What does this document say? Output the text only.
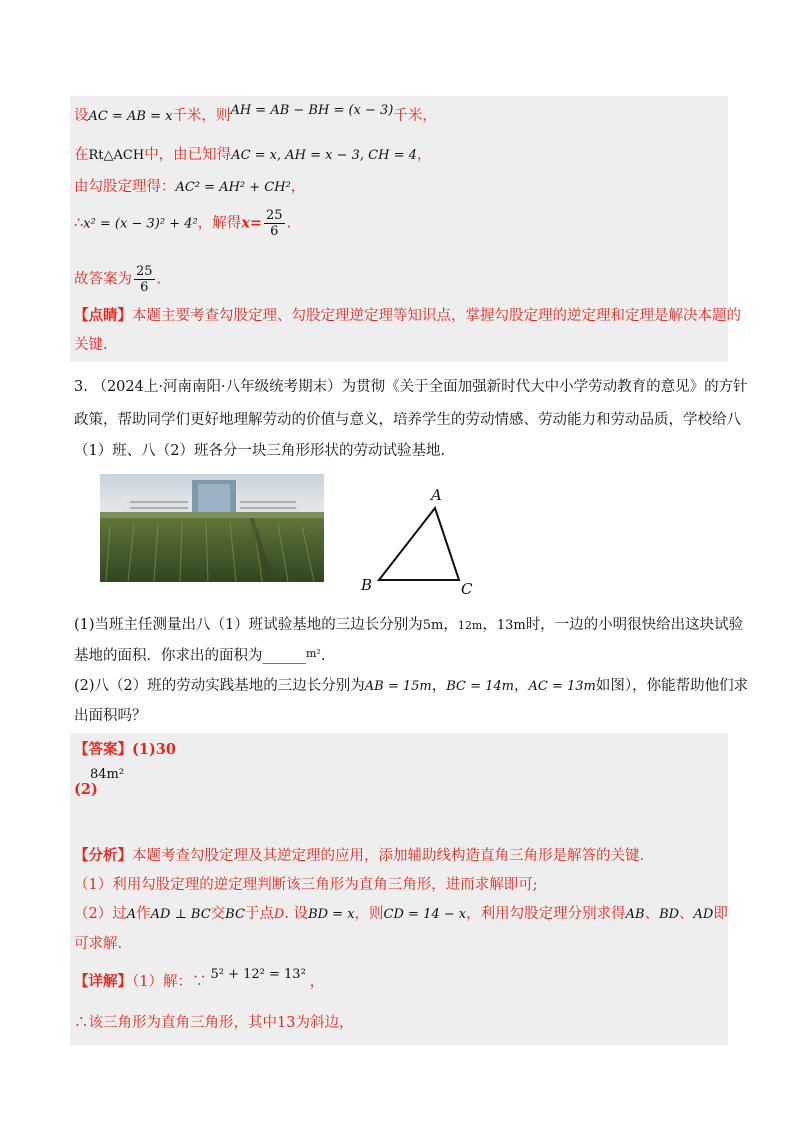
设AC = AB = x千米，则AH = AB − BH = (x − 3)千米，
在Rt△ACH中，由已知得AC = x, AH = x − 3, CH = 4，
由勾股定理得：AC² = AH² + CH²，
∴x² = (x − 3)² + 4²，解得$x= \frac{25}{6}$ .
故答案为 $\frac{25}{6}$ .
【点睛】本题主要考查勾股定理、勾股定理逆定理等知识点，掌握勾股定理的逆定理和定理是解决本题的
关键.
3. （2024上·河南南阳·八年级统考期末）为贯彻《关于全面加强新时代大中小学劳动教育的意见》的方针
政策，帮助同学们更好地理解劳动的价值与意义，培养学生的劳动情感、劳动能力和劳动品质，学校给八
（1）班、八（2）班各分一块三角形形状的劳动试验基地.
A
B	C
(1)当班主任测量出八（1）班试验基地的三边长分别为5m，12m，13m时，一边的小明很快给出这块试验
基地的面积．你求出的面积为______$^{m^2}$.
(2)八（2）班的劳动实践基地的三边长分别为AB = 15m，BC = 14m，AC = 13m如图），你能帮助他们求
出面积吗？
【答案】(1)30
84m²
(2)
【分析】本题考查勾股定理及其逆定理的应用，添加辅助线构造直角三角形是解答的关键.
（1）利用勾股定理的逆定理判断该三角形为直角三角形，进而求解即可;
（2）过A作AD ⊥ BC交BC于点D. 设BD = x，则CD = 14 − x，利用勾股定理分别求得AB、BD、AD即
可求解.
【详解】（1）解：∵ 5² + 12² = 13² ，
∴该三角形为直角三角形，其中13为斜边，
